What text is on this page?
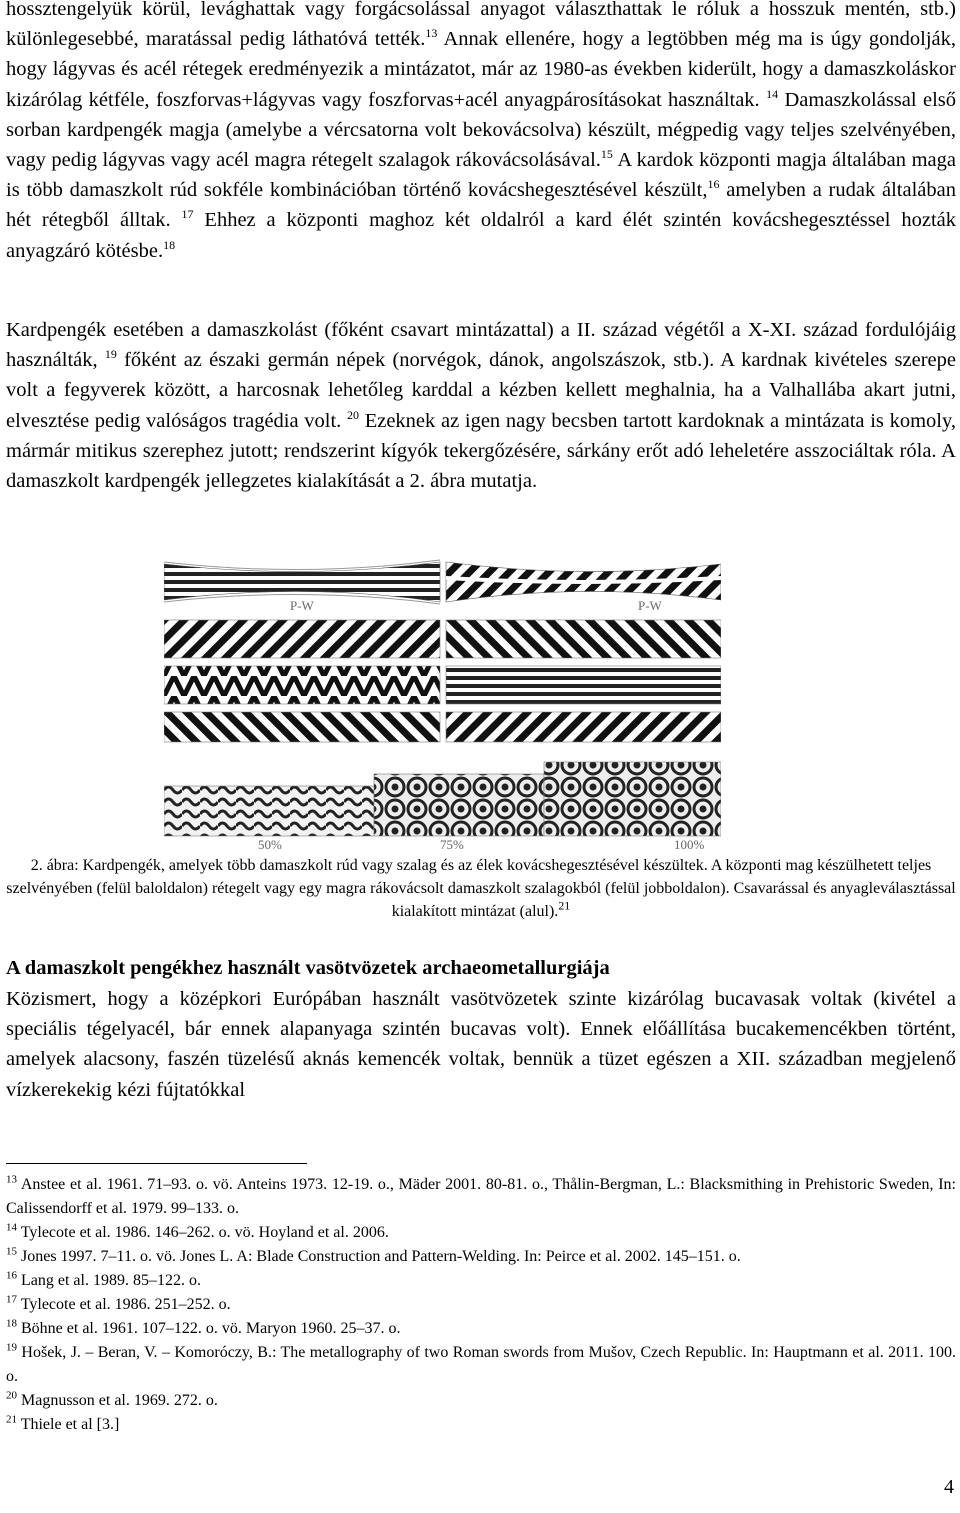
hossztengelyük körül, levághattak vagy forgácsolással anyagot választhattak le róluk a hosszuk mentén, stb.) különlegesebbé, maratással pedig láthatóvá tették.$^{13}$ Annak ellenére, hogy a legtöbben még ma is úgy gondolják, hogy lágyvas és acél rétegek eredményezik a mintázatot, már az 1980-as években kiderült, hogy a damaszkoláskor kizárólag kétféle, foszforvas+lágyvas vagy foszforvas+acél anyagpárosításokat használtak. $^{14}$ Damaszkolással első sorban kardpengék magja (amelybe a vércsatorna volt bekovácsolva) készült, mégpedig vagy teljes szelvényében, vagy pedig lágyvas vagy acél magra rétegelt szalagok rákovácsolásával.$^{15}$ A kardok központi magja általában maga is több damaszkolt rúd sokféle kombinációban történő kovácshegesztésével készült,$^{16}$ amelyben a rudak általában hét rétegből álltak. $^{17}$ Ehhez a központi maghoz két oldalról a kard élét szintén kovácshegesztéssel hozták anyagzáró kötésbe.$^{18}$

Kardpengék esetében a damaszkolást (főként csavart mintázattal) a II. század végétől a X-XI. század fordulójáig használták, $^{19}$ főként az északi germán népek (norvégok, dánok, angolszászok, stb.). A kardnak kivételes szerepe volt a fegyverek között, a harcosnak lehetőleg karddal a kézben kellett meghalnia, ha a Valhallába akart jutni, elvesztése pedig valóságos tragédia volt. $^{20}$ Ezeknek az igen nagy becsben tartott kardoknak a mintázata is komoly, mármár mitikus szerephez jutott; rendszerint kígyók tekergőzésére, sárkány erőt adó leheletére asszociáltak róla. A damaszkolt kardpengék jellegzetes kialakítását a 2. ábra mutatja.

P-W	P-W
50%	75%	100%

2. ábra: Kardpengék, amelyek több damaszkolt rúd vagy szalag és az élek kovácshegesztésével készültek. A központi mag készülhetett teljes szelvényében (felül baloldalon) rétegelt vagy egy magra rákovácsolt damaszkolt szalagokból (felül jobboldalon). Csavarással és anyagleválasztással kialakított mintázat (alul).$^{21}$

A damaszkolt pengékhez használt vasötvözetek archaeometallurgiája

Közismert, hogy a középkori Európában használt vasötvözetek szinte kizárólag bucavasak voltak (kivétel a speciális tégelyacél, bár ennek alapanyaga szintén bucavas volt). Ennek előállítása bucakemencékben történt, amelyek alacsony, faszén tüzelésű aknás kemencék voltak, bennük a tüzet egészen a XII. században megjelenő vízkerekekig kézi fújtatókkal

$^{13}$ Anstee et al. 1961. 71–93. o. vö. Anteins 1973. 12-19. o., Mäder 2001. 80-81. o., Thålin-Bergman, L.: Blacksmithing in Prehistoric Sweden, In: Calissendorff et al. 1979. 99–133. o.

$^{14}$ Tylecote et al. 1986. 146–262. o. vö. Hoyland et al. 2006.

$^{15}$ Jones 1997. 7–11. o. vö. Jones L. A: Blade Construction and Pattern-Welding. In: Peirce et al. 2002. 145–151. o.

$^{16}$ Lang et al. 1989. 85–122. o.

$^{17}$ Tylecote et al. 1986. 251–252. o.

$^{18}$ Böhne et al. 1961. 107–122. o. vö. Maryon 1960. 25–37. o.

$^{19}$ Hošek, J. – Beran, V. – Komoróczy, B.: The metallography of two Roman swords from Mušov, Czech Republic. In: Hauptmann et al. 2011. 100. o.

$^{20}$ Magnusson et al. 1969. 272. o.

$^{21}$ Thiele et al [3.]

4
